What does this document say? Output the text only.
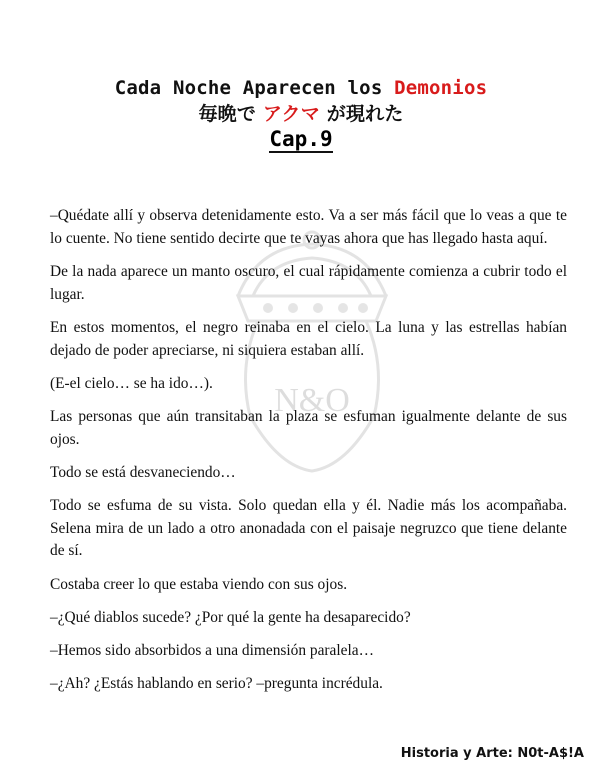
N&O
Cada Noche Aparecen los Demonios
毎晩で アクマ が現れた
Cap.9

–Quédate allí y observa detenidamente esto. Va a ser más fácil que lo veas a que te lo cuente. No tiene sentido decirte que te vayas ahora que has llegado hasta aquí.

De la nada aparece un manto oscuro, el cual rápidamente comienza a cubrir todo el lugar.

En estos momentos, el negro reinaba en el cielo. La luna y las estrellas habían dejado de poder apreciarse, ni siquiera estaban allí.

(E-el cielo… se ha ido…).

Las personas que aún transitaban la plaza se esfuman igualmente delante de sus ojos.

Todo se está desvaneciendo…

Todo se esfuma de su vista. Solo quedan ella y él. Nadie más los acompañaba. Selena mira de un lado a otro anonadada con el paisaje negruzco que tiene delante de sí.

Costaba creer lo que estaba viendo con sus ojos.

–¿Qué diablos sucede? ¿Por qué la gente ha desaparecido?

–Hemos sido absorbidos a una dimensión paralela…

–¿Ah? ¿Estás hablando en serio? –pregunta incrédula.

Historia y Arte: N0t-A$!A
